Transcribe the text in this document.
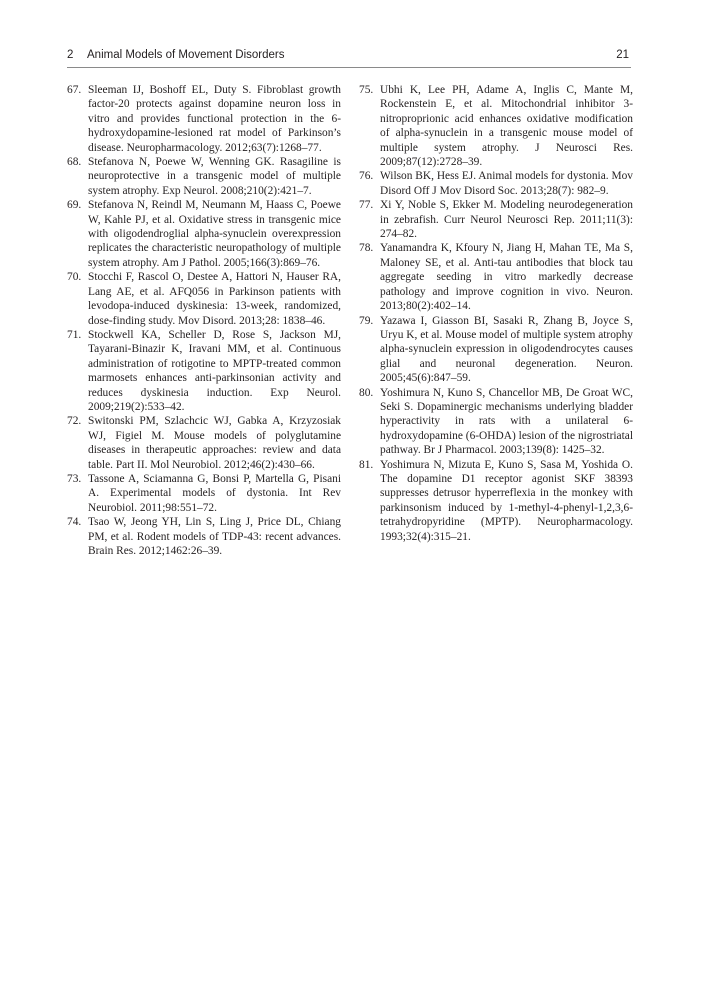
2 Animal Models of Movement Disorders	21
67. Sleeman IJ, Boshoff EL, Duty S. Fibroblast growth factor-20 protects against dopamine neuron loss in vitro and provides functional protection in the 6-hydroxydopamine-lesioned rat model of Parkinson’s disease. Neuropharmacology. 2012;63(7):1268–77.
68. Stefanova N, Poewe W, Wenning GK. Rasagiline is neuroprotective in a transgenic model of multiple system atrophy. Exp Neurol. 2008;210(2):421–7.
69. Stefanova N, Reindl M, Neumann M, Haass C, Poewe W, Kahle PJ, et al. Oxidative stress in transgenic mice with oligodendroglial alpha-synuclein overexpression replicates the characteristic neuropathology of multiple system atrophy. Am J Pathol. 2005;166(3):869–76.
70. Stocchi F, Rascol O, Destee A, Hattori N, Hauser RA, Lang AE, et al. AFQ056 in Parkinson patients with levodopa-induced dyskinesia: 13-week, randomized, dose-finding study. Mov Disord. 2013;28: 1838–46.
71. Stockwell KA, Scheller D, Rose S, Jackson MJ, Tayarani-Binazir K, Iravani MM, et al. Continuous administration of rotigotine to MPTP-treated common marmosets enhances anti-parkinsonian activity and reduces dyskinesia induction. Exp Neurol. 2009;219(2):533–42.
72. Switonski PM, Szlachcic WJ, Gabka A, Krzyzosiak WJ, Figiel M. Mouse models of polyglutamine diseases in therapeutic approaches: review and data table. Part II. Mol Neurobiol. 2012;46(2):430–66.
73. Tassone A, Sciamanna G, Bonsi P, Martella G, Pisani A. Experimental models of dystonia. Int Rev Neurobiol. 2011;98:551–72.
74. Tsao W, Jeong YH, Lin S, Ling J, Price DL, Chiang PM, et al. Rodent models of TDP-43: recent advances. Brain Res. 2012;1462:26–39.
75. Ubhi K, Lee PH, Adame A, Inglis C, Mante M, Rockenstein E, et al. Mitochondrial inhibitor 3-nitroproprionic acid enhances oxidative modification of alpha-synuclein in a transgenic mouse model of multiple system atrophy. J Neurosci Res. 2009;87(12):2728–39.
76. Wilson BK, Hess EJ. Animal models for dystonia. Mov Disord Off J Mov Disord Soc. 2013;28(7): 982–9.
77. Xi Y, Noble S, Ekker M. Modeling neurodegeneration in zebrafish. Curr Neurol Neurosci Rep. 2011;11(3): 274–82.
78. Yanamandra K, Kfoury N, Jiang H, Mahan TE, Ma S, Maloney SE, et al. Anti-tau antibodies that block tau aggregate seeding in vitro markedly decrease pathology and improve cognition in vivo. Neuron. 2013;80(2):402–14.
79. Yazawa I, Giasson BI, Sasaki R, Zhang B, Joyce S, Uryu K, et al. Mouse model of multiple system atrophy alpha-synuclein expression in oligodendrocytes causes glial and neuronal degeneration. Neuron. 2005;45(6):847–59.
80. Yoshimura N, Kuno S, Chancellor MB, De Groat WC, Seki S. Dopaminergic mechanisms underlying bladder hyperactivity in rats with a unilateral 6-hydroxydopamine (6-OHDA) lesion of the nigrostriatal pathway. Br J Pharmacol. 2003;139(8): 1425–32.
81. Yoshimura N, Mizuta E, Kuno S, Sasa M, Yoshida O. The dopamine D1 receptor agonist SKF 38393 suppresses detrusor hyperreflexia in the monkey with parkinsonism induced by 1-methyl-4-phenyl-1,2,3,6-tetrahydropyridine (MPTP). Neuropharmacology. 1993;32(4):315–21.
